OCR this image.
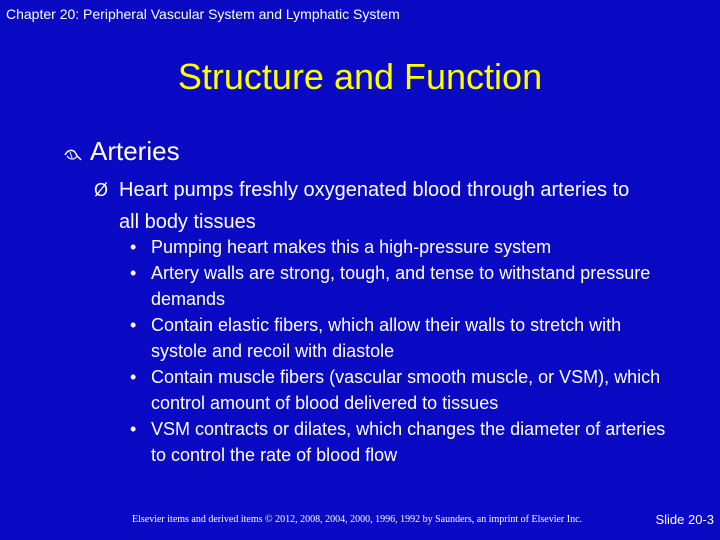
Chapter 20: Peripheral Vascular System and Lymphatic System
Structure and Function
Arteries
Ø Heart pumps freshly oxygenated blood through arteries to all body tissues
• Pumping heart makes this a high-pressure system
• Artery walls are strong, tough, and tense to withstand pressure demands
• Contain elastic fibers, which allow their walls to stretch with systole and recoil with diastole
• Contain muscle fibers (vascular smooth muscle, or VSM), which control amount of blood delivered to tissues
• VSM contracts or dilates, which changes the diameter of arteries to control the rate of blood flow
Elsevier items and derived items © 2012, 2008, 2004, 2000, 1996, 1992 by Saunders, an imprint of Elsevier Inc.	Slide 20-3
